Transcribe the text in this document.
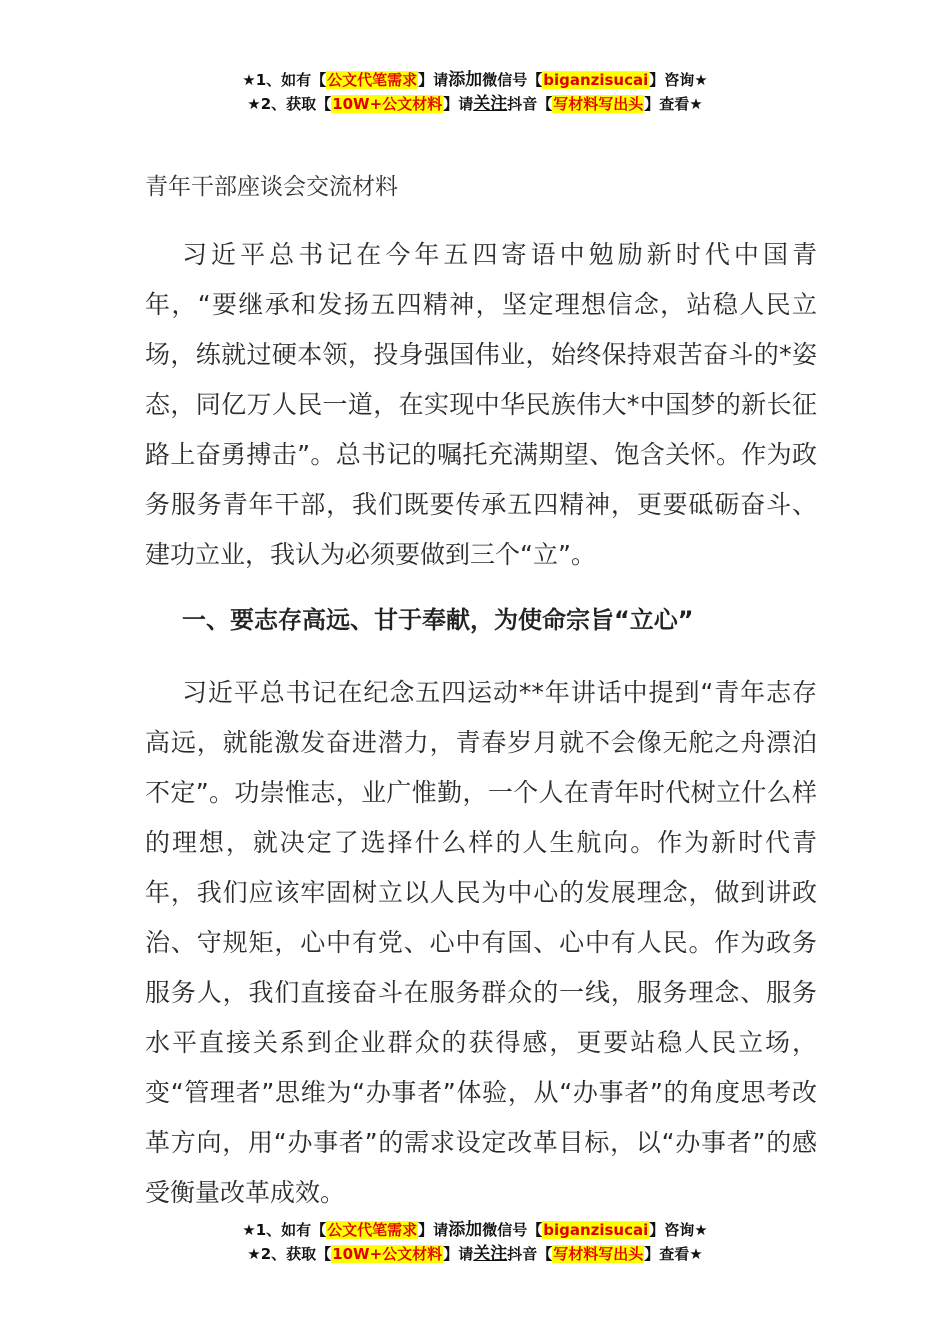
★1、如有【公文代笔需求】请添加微信号【biganzisucai】咨询★
★2、获取【10W+公文材料】请关注抖音【写材料写出头】查看★
青年干部座谈会交流材料

习近平总书记在今年五四寄语中勉励新时代中国青年，“要继承和发扬五四精神，坚定理想信念，站稳人民立场，练就过硬本领，投身强国伟业，始终保持艰苦奋斗的*姿态，同亿万人民一道，在实现中华民族伟大*中国梦的新长征路上奋勇搏击”。总书记的嘱托充满期望、饱含关怀。作为政务服务青年干部，我们既要传承五四精神，更要砥砺奋斗、建功立业，我认为必须要做到三个“立”。

一、要志存高远、甘于奉献，为使命宗旨“立心”

习近平总书记在纪念五四运动**年讲话中提到“青年志存高远，就能激发奋进潜力，青春岁月就不会像无舵之舟漂泊不定”。功崇惟志，业广惟勤，一个人在青年时代树立什么样的理想，就决定了选择什么样的人生航向。作为新时代青年，我们应该牢固树立以人民为中心的发展理念，做到讲政治、守规矩，心中有党、心中有国、心中有人民。作为政务服务人，我们直接奋斗在服务群众的一线，服务理念、服务水平直接关系到企业群众的获得感，更要站稳人民立场，变“管理者”思维为“办事者”体验，从“办事者”的角度思考改革方向，用“办事者”的需求设定改革目标，以“办事者”的感受衡量改革成效。

★1、如有【公文代笔需求】请添加微信号【biganzisucai】咨询★
★2、获取【10W+公文材料】请关注抖音【写材料写出头】查看★
